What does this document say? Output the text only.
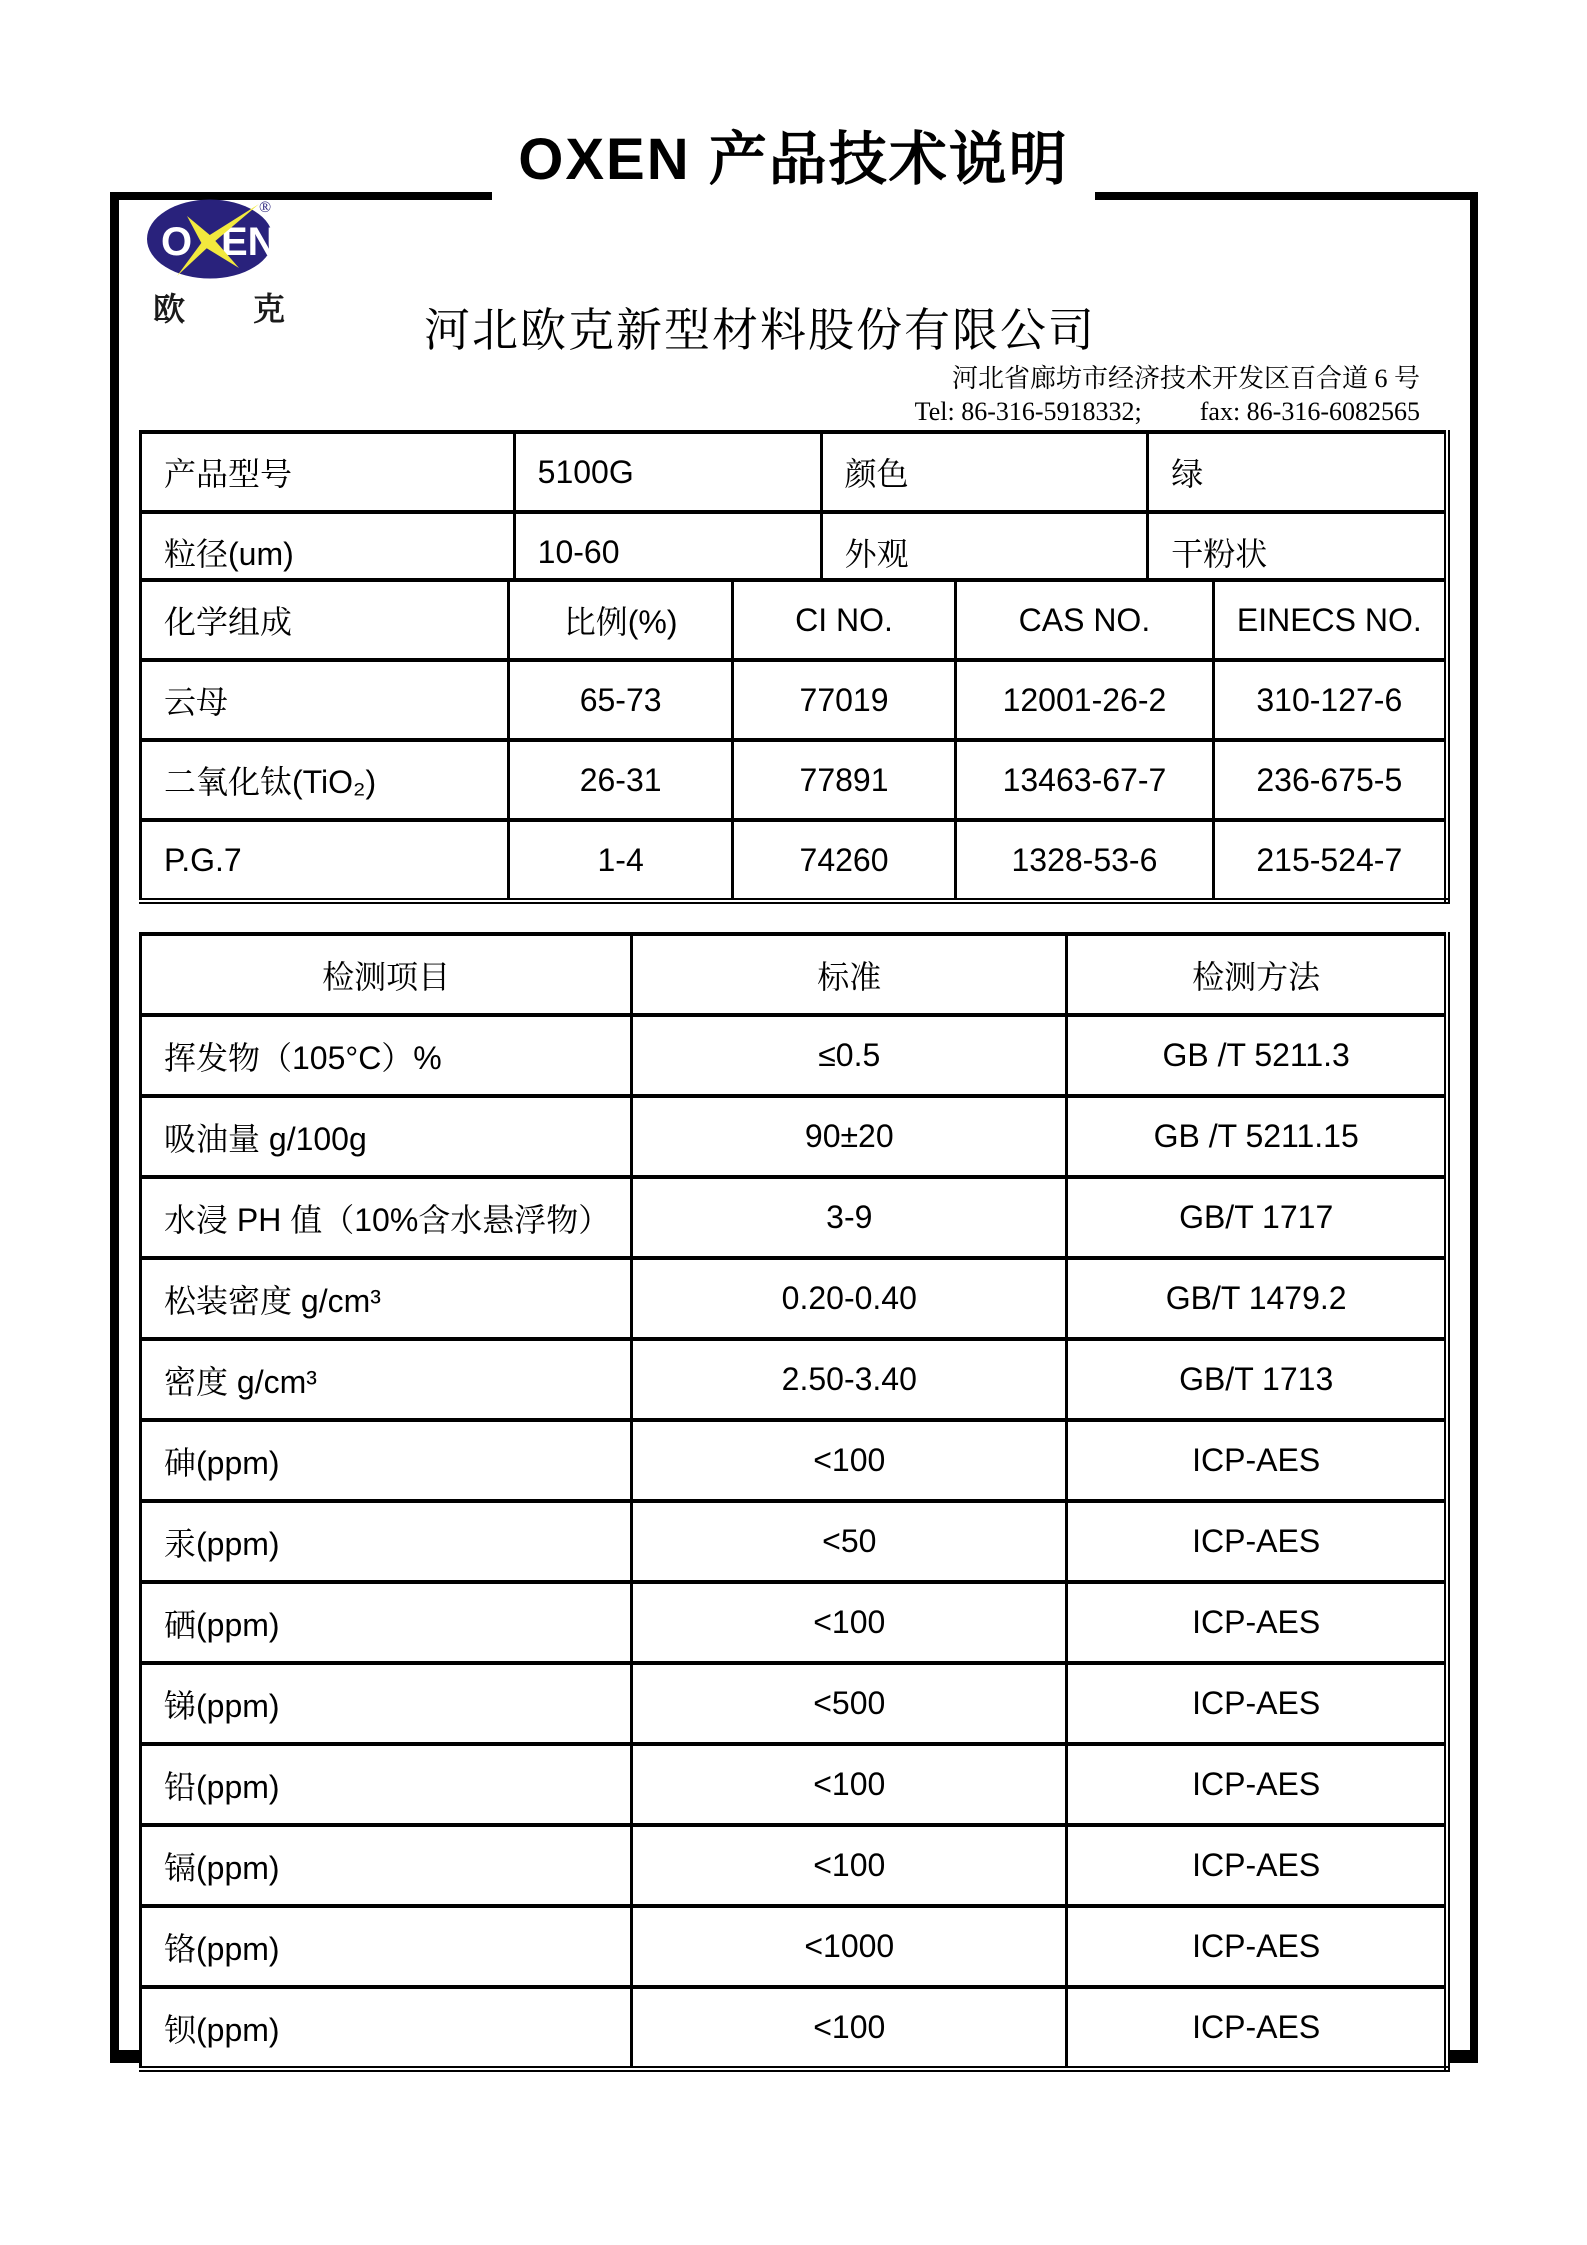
OXEN 产品技术说明
O EN
®
欧 克	河北欧克新型材料股份有限公司
河北省廊坊市经济技术开发区百合道 6 号
Tel: 86-316-5918332; fax: 86-316-6082565
产品型号	5100G	颜色	绿
粒径(um)	10-60	外观	干粉状
化学组成	比例(%)	CI NO.	CAS NO.	EINECS NO.
云母	65-73	77019	12001-26-2	310-127-6
二氧化钛(TiO₂)	26-31	77891	13463-67-7	236-675-5
P.G.7	1-4	74260	1328-53-6	215-524-7
检测项目	标准	检测方法
挥发物（105°C）%	≤0.5	GB /T 5211.3
吸油量 g/100g	90±20	GB /T 5211.15
水浸 PH 值（10%含水悬浮物）	3-9	GB/T 1717
松装密度 g/cm³	0.20-0.40	GB/T 1479.2
密度 g/cm³	2.50-3.40	GB/T 1713
砷(ppm)	<100	ICP-AES
汞(ppm)	<50	ICP-AES
硒(ppm)	<100	ICP-AES
锑(ppm)	<500	ICP-AES
铅(ppm)	<100	ICP-AES
镉(ppm)	<100	ICP-AES
铬(ppm)	<1000	ICP-AES
钡(ppm)	<100	ICP-AES
